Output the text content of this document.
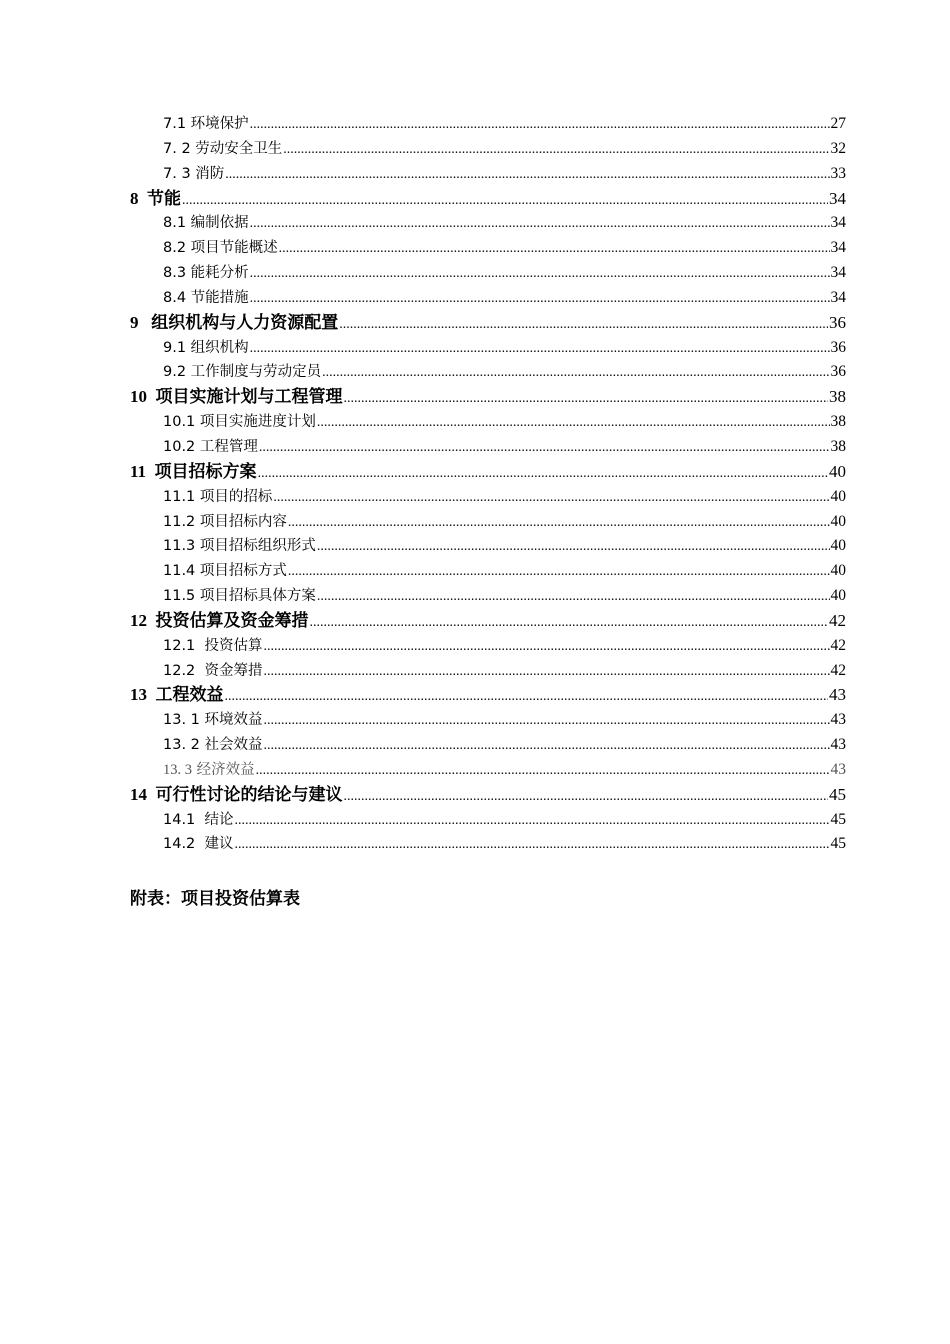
7.1 环境保护 .....	27
7. 2 劳动安全卫生 .....	32
7. 3 消防 .....	33
8 节能 .....	34
8.1 编制依据 .....	34
8.2 项目节能概述 .....	34
8.3 能耗分析 .....	34
8.4 节能措施 .....	34
9 组织机构与人力资源配置 .....	36
9.1 组织机构 .....	36
9.2 工作制度与劳动定员 .....	36
10 项目实施计划与工程管理 .....	38
10.1 项目实施进度计划 .....	38
10.2 工程管理 .....	38
11 项目招标方案 .....	40
11.1 项目的招标 .....	40
11.2 项目招标内容 .....	40
11.3 项目招标组织形式 .....	40
11.4 项目招标方式 .....	40
11.5 项目招标具体方案 .....	40
12 投资估算及资金筹措 .....	42
12.1 投资估算 .....	42
12.2 资金筹措 .....	42
13 工程效益 .....	43
13. 1 环境效益 .....	43
13. 2 社会效益 .....	43
13. 3 经济效益 .....	43
14 可行性讨论的结论与建议 .....	45
14.1 结论 .....	45
14.2 建议 .....	45
附表：项目投资估算表
